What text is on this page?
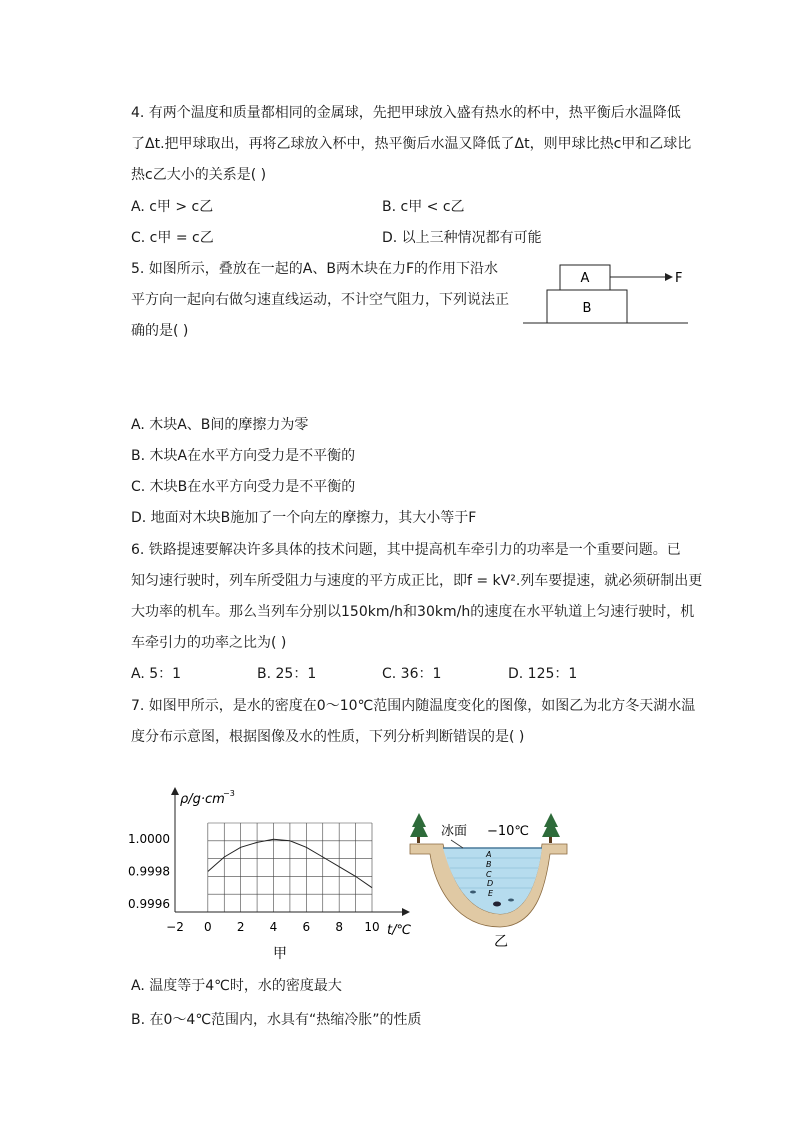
4. 有两个温度和质量都相同的金属球，先把甲球放入盛有热水的杯中，热平衡后水温降低
了Δt.把甲球取出，再将乙球放入杯中，热平衡后水温又降低了Δt，则甲球比热c甲和乙球比
热c乙大小的关系是( )
A. c甲 > c乙	B. c甲 < c乙
C. c甲 = c乙	D. 以上三种情况都有可能
5. 如图所示，叠放在一起的A、B两木块在力F的作用下沿水
平方向一起向右做匀速直线运动，不计空气阻力，下列说法正
确的是( )
A
B
F
A. 木块A、B间的摩擦力为零
B. 木块A在水平方向受力是不平衡的
C. 木块B在水平方向受力是不平衡的
D. 地面对木块B施加了一个向左的摩擦力，其大小等于F
6. 铁路提速要解决许多具体的技术问题，其中提高机车牵引力的功率是一个重要问题。已
知匀速行驶时，列车所受阻力与速度的平方成正比，即f = kV².列车要提速，就必须研制出更
大功率的机车。那么当列车分别以150km/h和30km/h的速度在水平轨道上匀速行驶时，机
车牵引力的功率之比为( )
A. 5：1	B. 25：1	C. 36：1	D. 125：1
7. 如图甲所示，是水的密度在0～10℃范围内随温度变化的图像，如图乙为北方冬天湖水温
度分布示意图，根据图像及水的性质，下列分析判断错误的是( )
1.0000
0.9998
0.9996
−2 0 2 4 6 8 10
ρ/g·cm
−3
t/℃
甲
冰面 −10℃
A
B
C
D
E
乙
A. 温度等于4℃时，水的密度最大
B. 在0～4℃范围内，水具有“热缩冷胀”的性质
